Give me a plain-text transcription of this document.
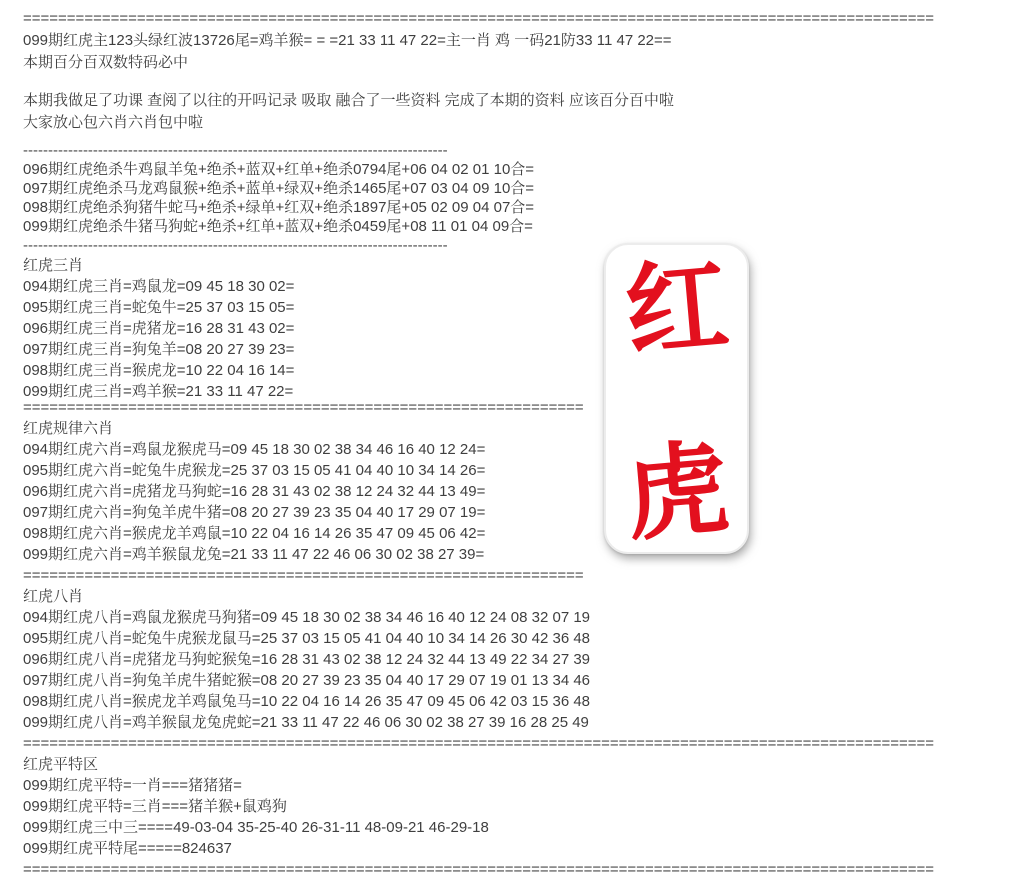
========================================================================================================
099期红虎主123头绿红波13726尾=鸡羊猴= = =21 33 11 47 22=主一肖 鸡 一码21防33 11 47 22==
本期百分百双数特码必中
本期我做足了功课 查阅了以往的开吗记录 吸取 融合了一些资料 完成了本期的资料 应该百分百中啦
大家放心包六肖六肖包中啦
-------------------------------------------------------------------------------------
096期红虎绝杀牛鸡鼠羊兔+绝杀+蓝双+红单+绝杀0794尾+06 04 02 01 10合=
097期红虎绝杀马龙鸡鼠猴+绝杀+蓝单+绿双+绝杀1465尾+07 03 04 09 10合=
098期红虎绝杀狗猪牛蛇马+绝杀+绿单+红双+绝杀1897尾+05 02 09 04 07合=
099期红虎绝杀牛猪马狗蛇+绝杀+红单+蓝双+绝杀0459尾+08 11 01 04 09合=
-------------------------------------------------------------------------------------
红虎三肖
094期红虎三肖=鸡鼠龙=09 45 18 30 02=
095期红虎三肖=蛇兔牛=25 37 03 15 05=
096期红虎三肖=虎猪龙=16 28 31 43 02=
097期红虎三肖=狗兔羊=08 20 27 39 23=
098期红虎三肖=猴虎龙=10 22 04 16 14=
099期红虎三肖=鸡羊猴=21 33 11 47 22=
================================================================
红虎规律六肖
094期红虎六肖=鸡鼠龙猴虎马=09 45 18 30 02 38 34 46 16 40 12 24=
095期红虎六肖=蛇兔牛虎猴龙=25 37 03 15 05 41 04 40 10 34 14 26=
096期红虎六肖=虎猪龙马狗蛇=16 28 31 43 02 38 12 24 32 44 13 49=
097期红虎六肖=狗兔羊虎牛猪=08 20 27 39 23 35 04 40 17 29 07 19=
098期红虎六肖=猴虎龙羊鸡鼠=10 22 04 16 14 26 35 47 09 45 06 42=
099期红虎六肖=鸡羊猴鼠龙兔=21 33 11 47 22 46 06 30 02 38 27 39=
================================================================
红虎八肖
094期红虎八肖=鸡鼠龙猴虎马狗猪=09 45 18 30 02 38 34 46 16 40 12 24 08 32 07 19
095期红虎八肖=蛇兔牛虎猴龙鼠马=25 37 03 15 05 41 04 40 10 34 14 26 30 42 36 48
096期红虎八肖=虎猪龙马狗蛇猴兔=16 28 31 43 02 38 12 24 32 44 13 49 22 34 27 39
097期红虎八肖=狗兔羊虎牛猪蛇猴=08 20 27 39 23 35 04 40 17 29 07 19 01 13 34 46
098期红虎八肖=猴虎龙羊鸡鼠兔马=10 22 04 16 14 26 35 47 09 45 06 42 03 15 36 48
099期红虎八肖=鸡羊猴鼠龙兔虎蛇=21 33 11 47 22 46 06 30 02 38 27 39 16 28 25 49
========================================================================================================
红虎平特区
099期红虎平特=一肖===猪猪猪=
099期红虎平特=三肖===猪羊猴+鼠鸡狗
099期红虎三中三====49-03-04 35-25-40 26-31-11 48-09-21 46-29-18
099期红虎平特尾=====824637
========================================================================================================
红
虎
